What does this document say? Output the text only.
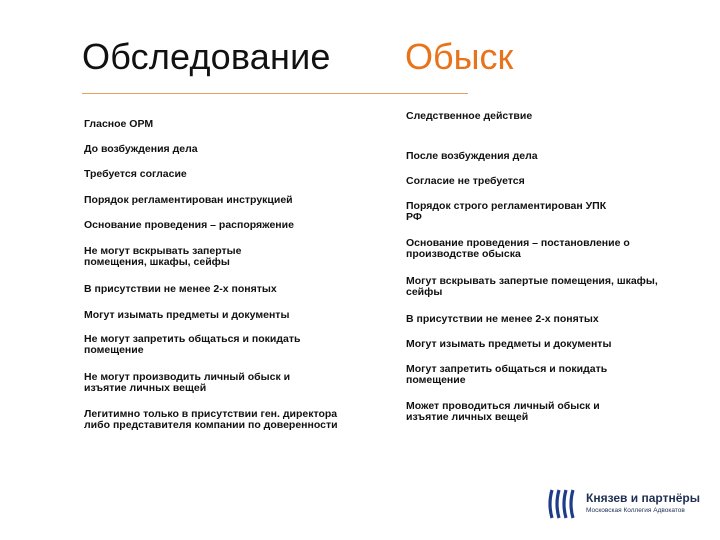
Обследование Обыск
Гласное ОРМ
До возбуждения дела
Требуется согласие
Порядок регламентирован инструкцией
Основание проведения – распоряжение
Не могут вскрывать запертые помещения, шкафы, сейфы
В присутствии не менее 2-х понятых
Могут изымать предметы и документы
Не могут запретить общаться и покидать помещение
Не могут производить личный обыск и изъятие личных вещей
Легитимно только в присутствии ген. директора либо представителя компании по доверенности
Следственное действие
После возбуждения дела
Согласие не требуется
Порядок строго регламентирован УПК РФ
Основание проведения – постановление о производстве обыска
Могут вскрывать запертые помещения, шкафы, сейфы
В присутствии не менее 2-х понятых
Могут изымать предметы и документы
Могут запретить общаться и покидать помещение
Может проводиться личный обыск и изъятие личных вещей
Князев и партнёры
Московская Коллегия Адвокатов
